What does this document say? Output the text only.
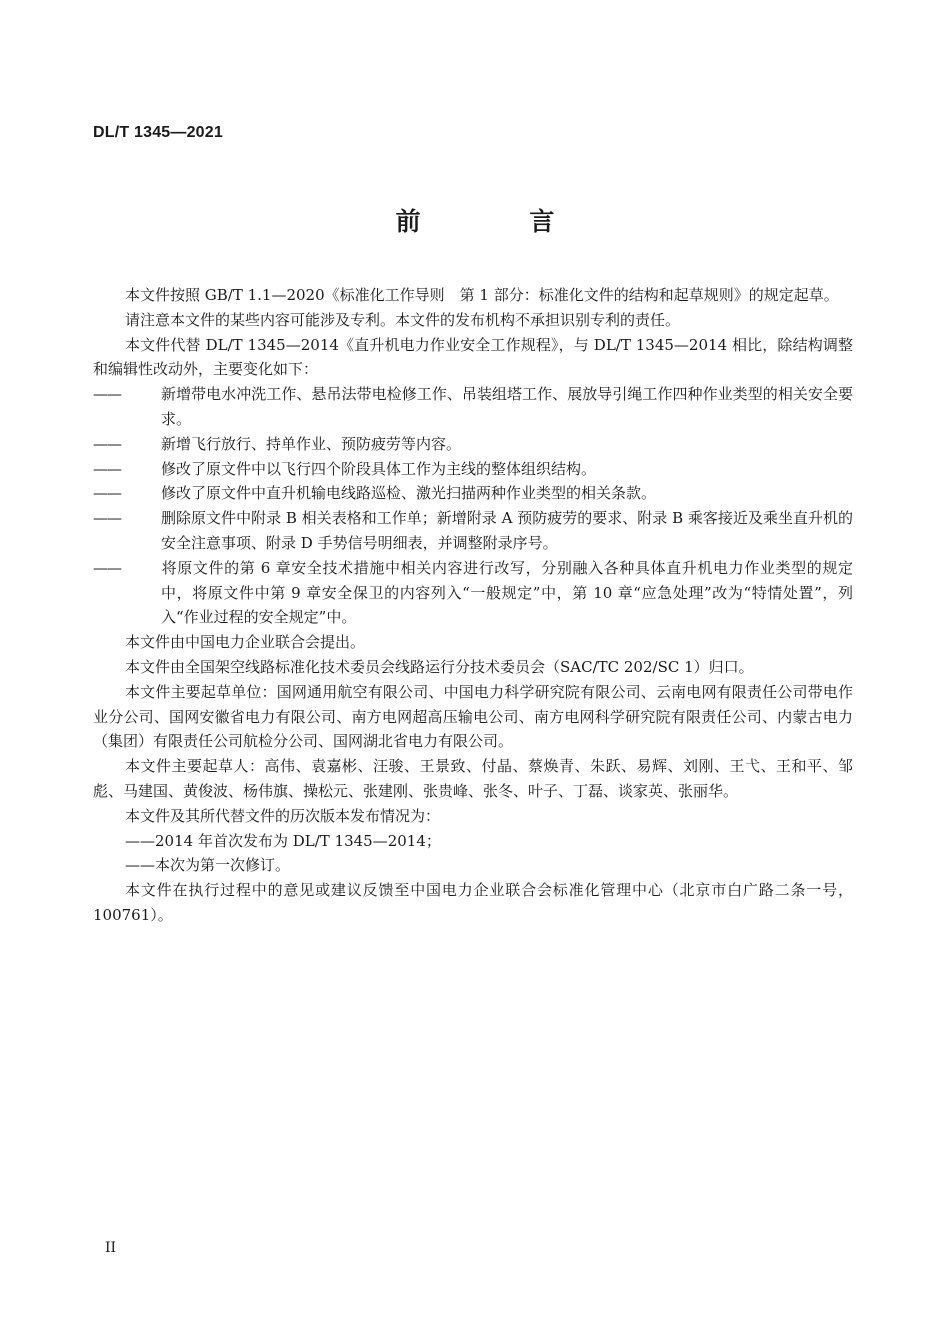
DL/T 1345—2021
前 言

本文件按照 GB/T 1.1—2020《标准化工作导则　第 1 部分：标准化文件的结构和起草规则》的规定起草。

请注意本文件的某些内容可能涉及专利。本文件的发布机构不承担识别专利的责任。

本文件代替 DL/T 1345—2014《直升机电力作业安全工作规程》，与 DL/T 1345—2014 相比，除结构调整和编辑性改动外，主要变化如下：

——	新增带电水冲洗工作、悬吊法带电检修工作、吊装组塔工作、展放导引绳工作四种作业类型的相关安全要求。

——	新增飞行放行、持单作业、预防疲劳等内容。

——	修改了原文件中以飞行四个阶段具体工作为主线的整体组织结构。

——	修改了原文件中直升机输电线路巡检、激光扫描两种作业类型的相关条款。

——	删除原文件中附录 B 相关表格和工作单；新增附录 A 预防疲劳的要求、附录 B 乘客接近及乘坐直升机的安全注意事项、附录 D 手势信号明细表，并调整附录序号。

——	将原文件的第 6 章安全技术措施中相关内容进行改写，分别融入各种具体直升机电力作业类型的规定中，将原文件中第 9 章安全保卫的内容列入“一般规定”中，第 10 章“应急处理”改为“特情处置”，列入“作业过程的安全规定”中。

本文件由中国电力企业联合会提出。

本文件由全国架空线路标准化技术委员会线路运行分技术委员会（SAC/TC 202/SC 1）归口。

本文件主要起草单位：国网通用航空有限公司、中国电力科学研究院有限公司、云南电网有限责任公司带电作业分公司、国网安徽省电力有限公司、南方电网超高压输电公司、南方电网科学研究院有限责任公司、内蒙古电力（集团）有限责任公司航检分公司、国网湖北省电力有限公司。

本文件主要起草人：高伟、袁嘉彬、汪骏、王景致、付晶、蔡焕青、朱跃、易辉、刘刚、王弋、王和平、邹彪、马建国、黄俊波、杨伟旗、操松元、张建刚、张贵峰、张冬、叶子、丁磊、谈家英、张丽华。

本文件及其所代替文件的历次版本发布情况为：

——2014 年首次发布为 DL/T 1345—2014；

——本次为第一次修订。

本文件在执行过程中的意见或建议反馈至中国电力企业联合会标准化管理中心（北京市白广路二条一号，100761）。

II
